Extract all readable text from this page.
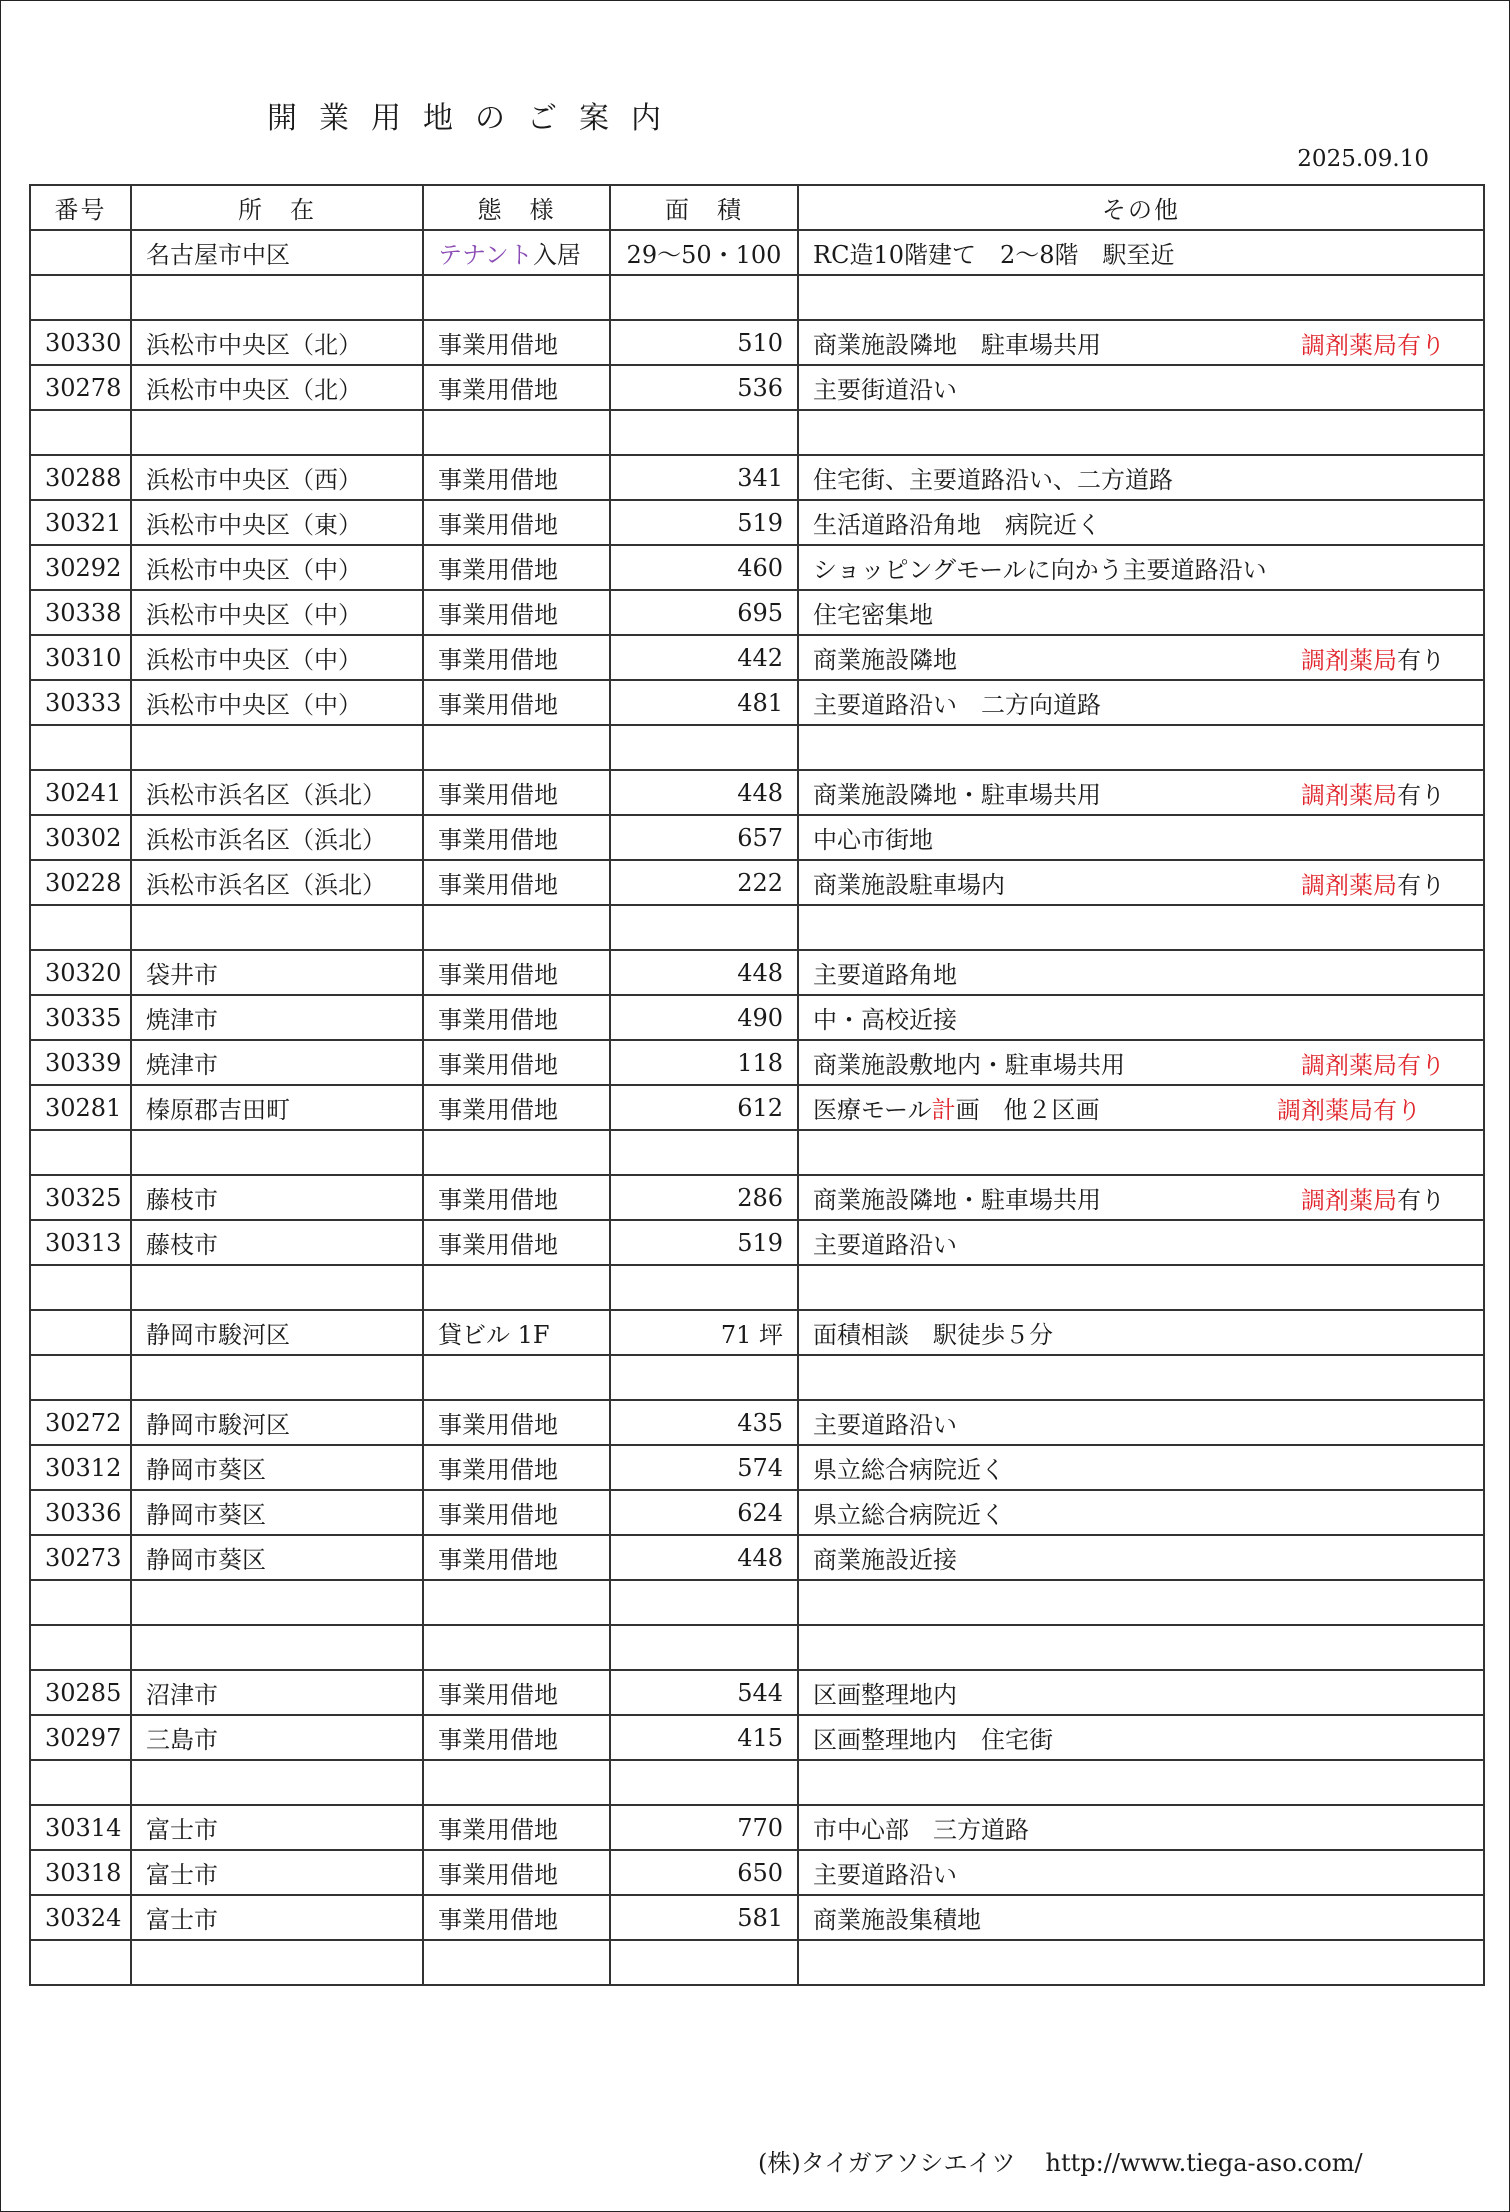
開業用地のご案内
2025.09.10
番号	所　在	態　様	面　積	その他
	名古屋市中区	テナント入居	29〜50・100	RC造10階建て　2〜8階　駅至近

30330	浜松市中央区（北）	事業用借地	510	商業施設隣地　駐車場共用 調剤薬局有り

30278	浜松市中央区（北）	事業用借地	536	主要街道沿い

30288	浜松市中央区（西）	事業用借地	341	住宅街、主要道路沿い、二方道路
30321	浜松市中央区（東）	事業用借地	519	生活道路沿角地　病院近く
30292	浜松市中央区（中）	事業用借地	460	ショッピングモールに向かう主要道路沿い
30338	浜松市中央区（中）	事業用借地	695	住宅密集地
30310	浜松市中央区（中）	事業用借地	442	商業施設隣地 調剤薬局有り

30333	浜松市中央区（中）	事業用借地	481	主要道路沿い　二方向道路

30241	浜松市浜名区（浜北）	事業用借地	448	商業施設隣地・駐車場共用 調剤薬局有り

30302	浜松市浜名区（浜北）	事業用借地	657	中心市街地
30228	浜松市浜名区（浜北）	事業用借地	222	商業施設駐車場内 調剤薬局有り

30320	袋井市	事業用借地	448	主要道路角地
30335	焼津市	事業用借地	490	中・高校近接
30339	焼津市	事業用借地	118	商業施設敷地内・駐車場共用 調剤薬局有り

30281	榛原郡吉田町	事業用借地	612	医療モール計画　他２区画 調剤薬局有り

30325	藤枝市	事業用借地	286	商業施設隣地・駐車場共用 調剤薬局有り

30313	藤枝市	事業用借地	519	主要道路沿い

	静岡市駿河区	貸ビル 1F	71 坪	面積相談　駅徒歩５分

30272	静岡市駿河区	事業用借地	435	主要道路沿い
30312	静岡市葵区	事業用借地	574	県立総合病院近く
30336	静岡市葵区	事業用借地	624	県立総合病院近く
30273	静岡市葵区	事業用借地	448	商業施設近接

30285	沼津市	事業用借地	544	区画整理地内
30297	三島市	事業用借地	415	区画整理地内　住宅街

30314	富士市	事業用借地	770	市中心部　三方道路
30318	富士市	事業用借地	650	主要道路沿い
30324	富士市	事業用借地	581	商業施設集積地

(株)タイガアソシエイツ http://www.tiega-aso.com/
